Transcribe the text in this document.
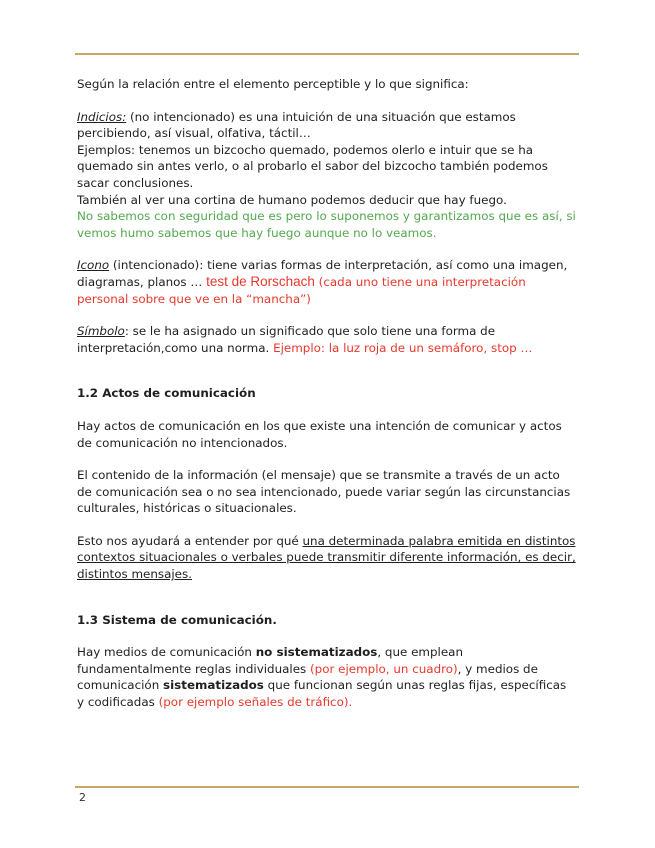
Según la relación entre el elemento perceptible y lo que significa:

Indicios: (no intencionado) es una intuición de una situación que estamos percibiendo, así visual, olfativa, táctil…

Ejemplos: tenemos un bizcocho quemado, podemos olerlo e intuir que se ha quemado sin antes verlo, o al probarlo el sabor del bizcocho también podemos sacar conclusiones.

También al ver una cortina de humano podemos deducir que hay fuego.

No sabemos con seguridad que es pero lo suponemos y garantizamos que es así, si vemos humo sabemos que hay fuego aunque no lo veamos.

Icono (intencionado): tiene varias formas de interpretación, así como una imagen, diagramas, planos … test de Rorschach (cada uno tiene una interpretación personal sobre que ve en la “mancha”)

Símbolo: se le ha asignado un significado que solo tiene una forma de interpretación,como una norma. Ejemplo: la luz roja de un semáforo, stop …

1.2 Actos de comunicación

Hay actos de comunicación en los que existe una intención de comunicar y actos de comunicación no intencionados.

El contenido de la información (el mensaje) que se transmite a través de un acto de comunicación sea o no sea intencionado, puede variar según las circunstancias culturales, históricas o situacionales.

Esto nos ayudará a entender por qué una determinada palabra emitida en distintos contextos situacionales o verbales puede transmitir diferente información, es decir, distintos mensajes.

1.3 Sistema de comunicación.

Hay medios de comunicación no sistematizados, que emplean fundamentalmente reglas individuales (por ejemplo, un cuadro), y medios de comunicación sistematizados que funcionan según unas reglas fijas, específicas y codificadas (por ejemplo señales de tráfico).

2
